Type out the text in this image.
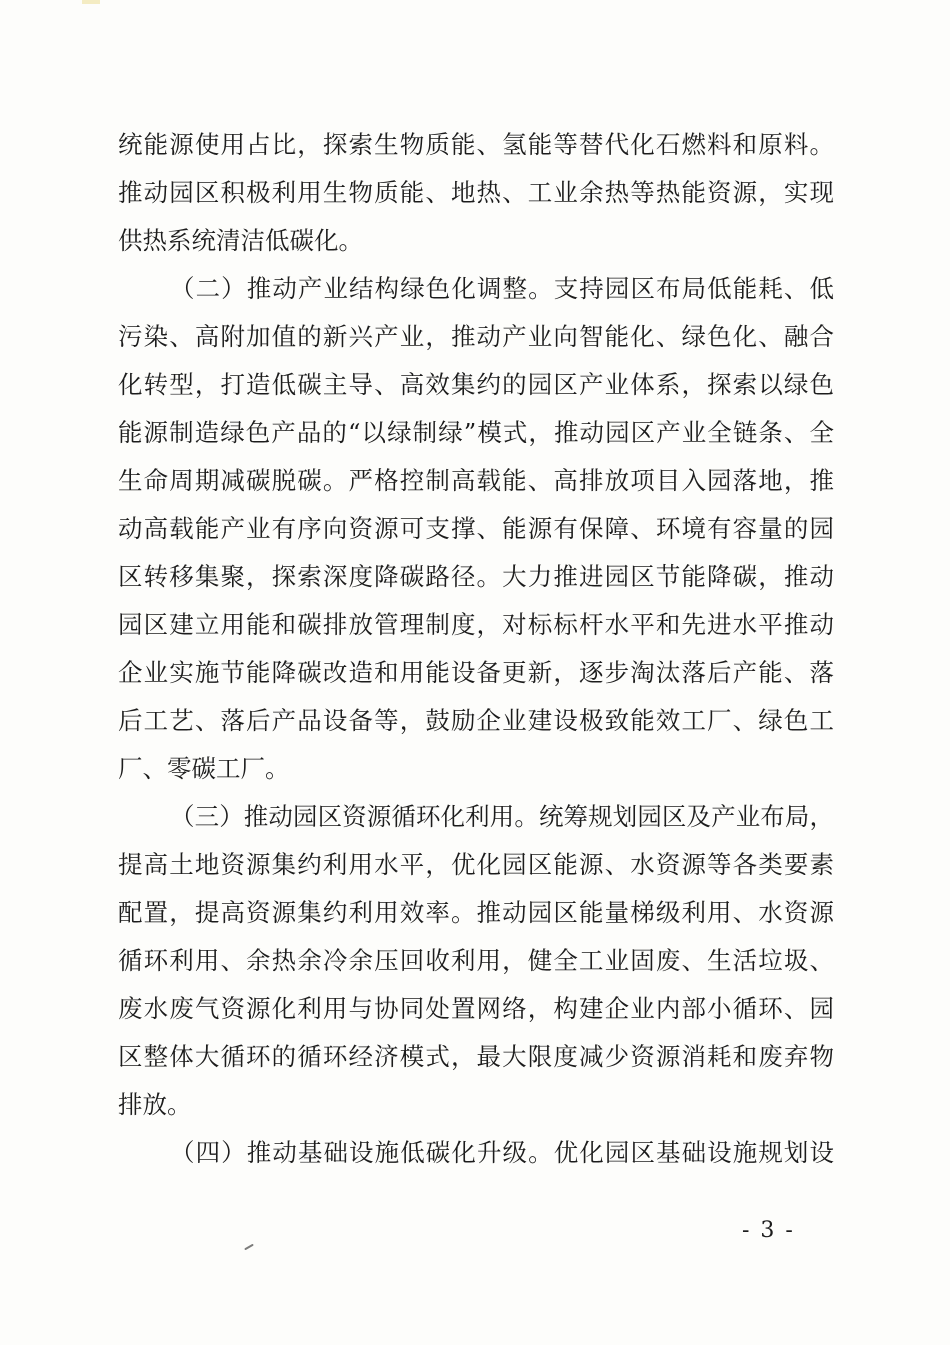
统能源使用占比，探索生物质能、氢能等替代化石燃料和原料。
推动园区积极利用生物质能、地热、工业余热等热能资源，实现
供热系统清洁低碳化。
（二）推动产业结构绿色化调整。支持园区布局低能耗、低
污染、高附加值的新兴产业，推动产业向智能化、绿色化、融合
化转型，打造低碳主导、高效集约的园区产业体系，探索以绿色
能源制造绿色产品的“以绿制绿”模式，推动园区产业全链条、全
生命周期减碳脱碳。严格控制高载能、高排放项目入园落地，推
动高载能产业有序向资源可支撑、能源有保障、环境有容量的园
区转移集聚，探索深度降碳路径。大力推进园区节能降碳，推动
园区建立用能和碳排放管理制度，对标标杆水平和先进水平推动
企业实施节能降碳改造和用能设备更新，逐步淘汰落后产能、落
后工艺、落后产品设备等，鼓励企业建设极致能效工厂、绿色工
厂、零碳工厂。
（三）推动园区资源循环化利用。统筹规划园区及产业布局，
提高土地资源集约利用水平，优化园区能源、水资源等各类要素
配置，提高资源集约利用效率。推动园区能量梯级利用、水资源
循环利用、余热余冷余压回收利用，健全工业固废、生活垃圾、
废水废气资源化利用与协同处置网络，构建企业内部小循环、园
区整体大循环的循环经济模式，最大限度减少资源消耗和废弃物
排放。
（四）推动基础设施低碳化升级。优化园区基础设施规划设
- 3 -
